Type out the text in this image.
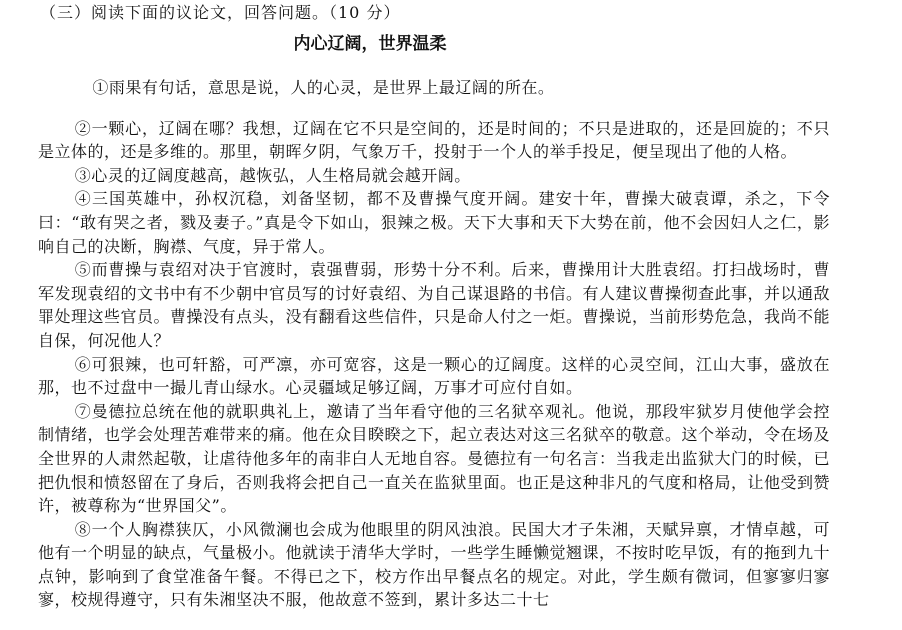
（三）阅读下面的议论文，回答问题。（10 分）
内心辽阔，世界温柔

①雨果有句话，意思是说，人的心灵，是世界上最辽阔的所在。

②一颗心，辽阔在哪？我想，辽阔在它不只是空间的，还是时间的；不只是进取的，还是回旋的；不只是立体的，还是多维的。那里，朝晖夕阴，气象万千，投射于一个人的举手投足，便呈现出了他的人格。

③心灵的辽阔度越高，越恢弘，人生格局就会越开阔。

④三国英雄中，孙权沉稳，刘备坚韧，都不及曹操气度开阔。建安十年，曹操大破袁谭，杀之，下令曰：“敢有哭之者，戮及妻子。”真是令下如山，狠辣之极。天下大事和天下大势在前，他不会因妇人之仁，影响自己的决断，胸襟、气度，异于常人。

⑤而曹操与袁绍对决于官渡时，袁强曹弱，形势十分不利。后来，曹操用计大胜袁绍。打扫战场时，曹军发现袁绍的文书中有不少朝中官员写的讨好袁绍、为自己谋退路的书信。有人建议曹操彻查此事，并以通敌罪处理这些官员。曹操没有点头，没有翻看这些信件，只是命人付之一炬。曹操说，当前形势危急，我尚不能自保，何况他人？

⑥可狠辣，也可轩豁，可严凛，亦可宽容，这是一颗心的辽阔度。这样的心灵空间，江山大事，盛放在那，也不过盘中一撮儿青山绿水。心灵疆域足够辽阔，万事才可应付自如。

⑦曼德拉总统在他的就职典礼上，邀请了当年看守他的三名狱卒观礼。他说，那段牢狱岁月使他学会控制情绪，也学会处理苦难带来的痛。他在众目睽睽之下，起立表达对这三名狱卒的敬意。这个举动，令在场及全世界的人肃然起敬，让虐待他多年的南非白人无地自容。曼德拉有一句名言：当我走出监狱大门的时候，已把仇恨和愤怒留在了身后，否则我将会把自己一直关在监狱里面。也正是这种非凡的气度和格局，让他受到赞许，被尊称为“世界国父”。

⑧一个人胸襟狭仄，小风微澜也会成为他眼里的阴风浊浪。民国大才子朱湘，天赋异禀，才情卓越，可他有一个明显的缺点，气量极小。他就读于清华大学时，一些学生睡懒觉翘课，不按时吃早饭，有的拖到九十点钟，影响到了食堂准备午餐。不得已之下，校方作出早餐点名的规定。对此，学生颇有微词，但寥寥归寥寥，校规得遵守，只有朱湘坚决不服，他故意不签到，累计多达二十七
